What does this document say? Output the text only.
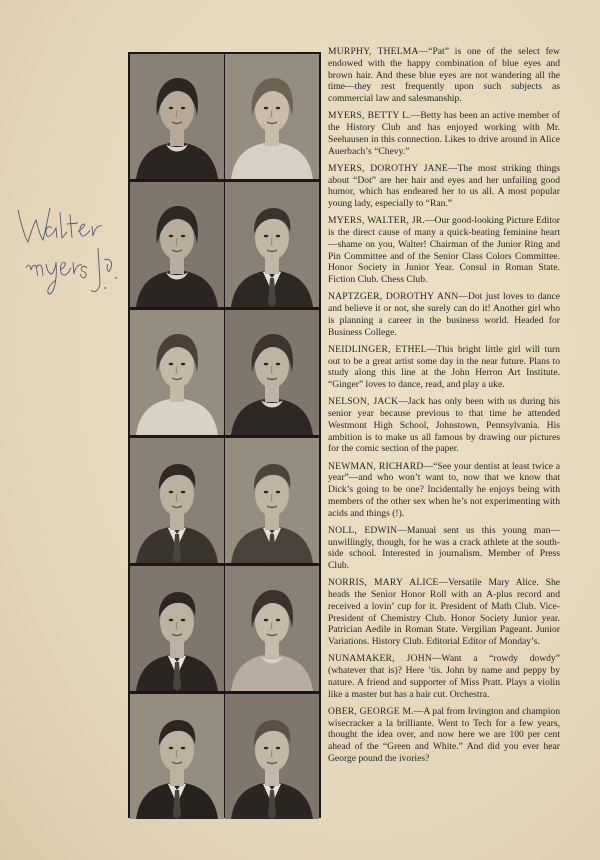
MURPHY, THELMA—“Pat” is one of the select few endowed with the happy combination of blue eyes and brown hair. And these blue eyes are not wandering all the time—they rest frequently upon such subjects as commercial law and salesmanship.

MYERS, BETTY L.—Betty has been an active member of the History Club and has enjoyed working with Mr. Seehausen in this connection. Likes to drive around in Alice Auerbach’s “Chevy.”

MYERS, DOROTHY JANE—The most striking things about “Dot” are her hair and eyes and her unfailing good humor, which has endeared her to us all. A most popular young lady, especially to “Ran.”

MYERS, WALTER, JR.—Our good-looking Picture Editor is the direct cause of many a quick-beating feminine heart—shame on you, Walter! Chairman of the Junior Ring and Pin Committee and of the Senior Class Colors Committee. Honor Society in Junior Year. Consul in Roman State. Fiction Club. Chess Club.

NAPTZGER, DOROTHY ANN—Dot just loves to dance and believe it or not, she surely can do it! Another girl who is planning a career in the business world. Headed for Business College.

NEIDLINGER, ETHEL—This bright little girl will turn out to be a great artist some day in the near future. Plans to study along this line at the John Herron Art Institute. “Ginger” loves to dance, read, and play a uke.

NELSON, JACK—Jack has only been with us during his senior year because previous to that time he attended Westmont High School, Johnstown, Pennsylvania. His ambition is to make us all famous by drawing our pictures for the comic section of the paper.

NEWMAN, RICHARD—“See your dentist at least twice a year”—and who won’t want to, now that we know that Dick’s going to be one? Incidentally he enjoys being with members of the other sex when he’s not experimenting with acids and things (!).

NOLL, EDWIN—Manual sent us this young man—unwillingly, though, for he was a crack athlete at the south-side school. Interested in journalism. Member of Press Club.

NORRIS, MARY ALICE—Versatile Mary Alice. She heads the Senior Honor Roll with an A-plus record and received a lovin’ cup for it. President of Math Club. Vice-President of Chemistry Club. Honor Society Junior year. Patrician Aedile in Roman State. Vergilian Pageant. Junior Variations. History Club. Editorial Editor of Monday’s.

NUNAMAKER, JOHN—Want a “rowdy dowdy” (whatever that is)? Here ’tis. John by name and peppy by nature. A friend and supporter of Miss Pratt. Plays a violin like a master but has a hair cut. Orchestra.

OBER, GEORGE M.—A pal from Irvington and champion wisecracker a la brilliante. Went to Tech for a few years, thought the idea over, and now here we are 100 per cent ahead of the “Green and White.” And did you ever hear George pound the ivories?
